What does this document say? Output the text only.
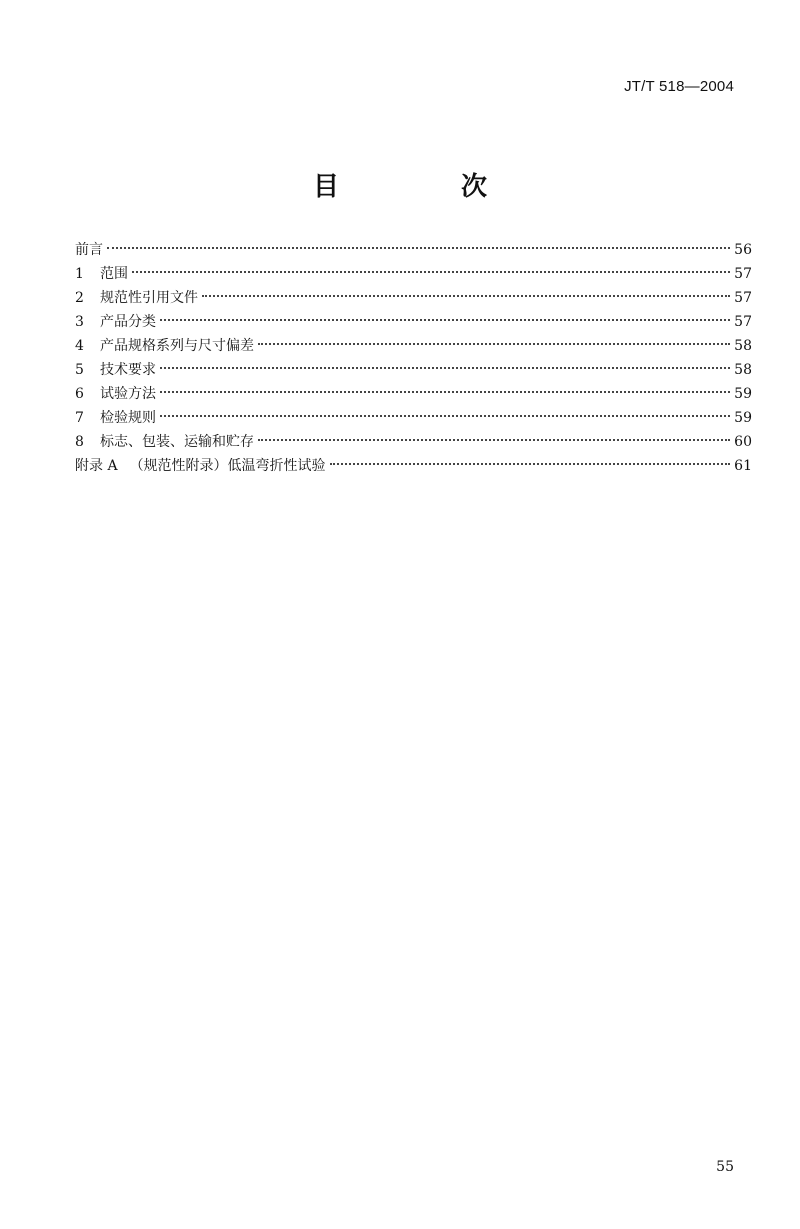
JT/T 518—2004
目　次
前言	56
1	范围	57
2	规范性引用文件	57
3	产品分类	57
4	产品规格系列与尺寸偏差	58
5	技术要求	58
6	试验方法	59
7	检验规则	59
8	标志、包装、运输和贮存	60
附录 A （规范性附录）低温弯折性试验	61
55
